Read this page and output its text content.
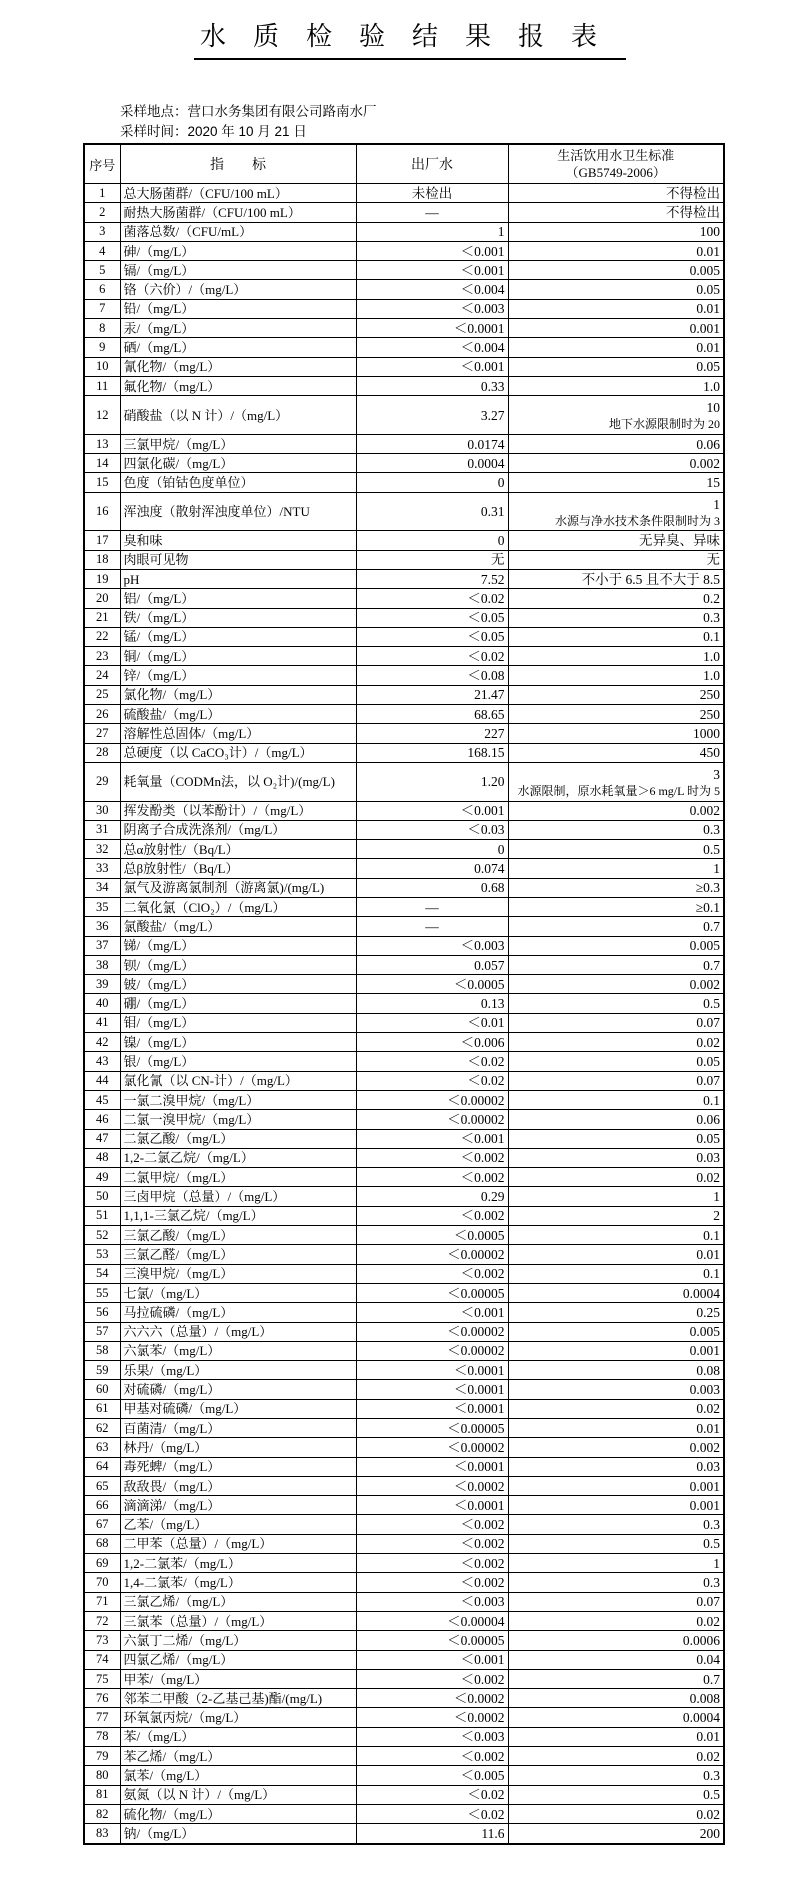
水质检验结果报表
采样地点：营口水务集团有限公司路南水厂
采样时间：2020 年 10 月 21 日
序号	指　　标	出厂水	生活饮用水卫生标准
（GB5749-2006）

1	总大肠菌群/（CFU/100 mL）	未检出	不得检出

2	耐热大肠菌群/（CFU/100 mL）	—	不得检出

3	菌落总数/（CFU/mL）	1	100

4	砷/（mg/L）	＜0.001	0.01

5	镉/（mg/L）	＜0.001	0.005

6	铬（六价）/（mg/L）	＜0.004	0.05

7	铅/（mg/L）	＜0.003	0.01

8	汞/（mg/L）	＜0.0001	0.001

9	硒/（mg/L）	＜0.004	0.01

10	氰化物/（mg/L）	＜0.001	0.05

11	氟化物/（mg/L）	0.33	1.0

12	硝酸盐（以 N 计）/（mg/L）	3.27	10
地下水源限制时为 20

13	三氯甲烷/（mg/L）	0.0174	0.06

14	四氯化碳/（mg/L）	0.0004	0.002

15	色度（铂钴色度单位）	0	15

16	浑浊度（散射浑浊度单位）/NTU	0.31	1
水源与净水技术条件限制时为 3

17	臭和味	0	无异臭、异味

18	肉眼可见物	无	无

19	pH	7.52	不小于 6.5 且不大于 8.5

20	铝/（mg/L）	＜0.02	0.2

21	铁/（mg/L）	＜0.05	0.3

22	锰/（mg/L）	＜0.05	0.1

23	铜/（mg/L）	＜0.02	1.0

24	锌/（mg/L）	＜0.08	1.0

25	氯化物/（mg/L）	21.47	250

26	硫酸盐/（mg/L）	68.65	250

27	溶解性总固体/（mg/L）	227	1000

28	总硬度（以 CaCO₃计）/（mg/L）	168.15	450

29	耗氧量（CODMn法，以 O₂计)/(mg/L)	1.20	3
水源限制，原水耗氧量＞6 mg/L 时为 5

30	挥发酚类（以苯酚计）/（mg/L）	＜0.001	0.002

31	阴离子合成洗涤剂/（mg/L）	＜0.03	0.3

32	总α放射性/（Bq/L）	0	0.5

33	总β放射性/（Bq/L）	0.074	1

34	氯气及游离氯制剂（游离氯)/(mg/L)	0.68	≥0.3

35	二氧化氯（ClO₂）/（mg/L）	—	≥0.1

36	氯酸盐/（mg/L）	—	0.7

37	锑/（mg/L）	＜0.003	0.005

38	钡/（mg/L）	0.057	0.7

39	铍/（mg/L）	＜0.0005	0.002

40	硼/（mg/L）	0.13	0.5

41	钼/（mg/L）	＜0.01	0.07

42	镍/（mg/L）	＜0.006	0.02

43	银/（mg/L）	＜0.02	0.05

44	氯化氰（以 CN-计）/（mg/L）	＜0.02	0.07

45	一氯二溴甲烷/（mg/L）	＜0.00002	0.1

46	二氯一溴甲烷/（mg/L）	＜0.00002	0.06

47	二氯乙酸/（mg/L）	＜0.001	0.05

48	1,2-二氯乙烷/（mg/L）	＜0.002	0.03

49	二氯甲烷/（mg/L）	＜0.002	0.02

50	三卤甲烷（总量）/（mg/L）	0.29	1

51	1,1,1-三氯乙烷/（mg/L）	＜0.002	2

52	三氯乙酸/（mg/L）	＜0.0005	0.1

53	三氯乙醛/（mg/L）	＜0.00002	0.01

54	三溴甲烷/（mg/L）	＜0.002	0.1

55	七氯/（mg/L）	＜0.00005	0.0004

56	马拉硫磷/（mg/L）	＜0.001	0.25

57	六六六（总量）/（mg/L）	＜0.00002	0.005

58	六氯苯/（mg/L）	＜0.00002	0.001

59	乐果/（mg/L）	＜0.0001	0.08

60	对硫磷/（mg/L）	＜0.0001	0.003

61	甲基对硫磷/（mg/L）	＜0.0001	0.02

62	百菌清/（mg/L）	＜0.00005	0.01

63	林丹/（mg/L）	＜0.00002	0.002

64	毒死蜱/（mg/L）	＜0.0001	0.03

65	敌敌畏/（mg/L）	＜0.0002	0.001

66	滴滴涕/（mg/L）	＜0.0001	0.001

67	乙苯/（mg/L）	＜0.002	0.3

68	二甲苯（总量）/（mg/L）	＜0.002	0.5

69	1,2-二氯苯/（mg/L）	＜0.002	1

70	1,4-二氯苯/（mg/L）	＜0.002	0.3

71	三氯乙烯/（mg/L）	＜0.003	0.07

72	三氯苯（总量）/（mg/L）	＜0.00004	0.02

73	六氯丁二烯/（mg/L）	＜0.00005	0.0006

74	四氯乙烯/（mg/L）	＜0.001	0.04

75	甲苯/（mg/L）	＜0.002	0.7

76	邻苯二甲酸（2-乙基己基)酯/(mg/L)	＜0.0002	0.008

77	环氧氯丙烷/（mg/L）	＜0.0002	0.0004

78	苯/（mg/L）	＜0.003	0.01

79	苯乙烯/（mg/L）	＜0.002	0.02

80	氯苯/（mg/L）	＜0.005	0.3

81	氨氮（以 N 计）/（mg/L）	＜0.02	0.5

82	硫化物/（mg/L）	＜0.02	0.02

83	钠/（mg/L）	11.6	200
